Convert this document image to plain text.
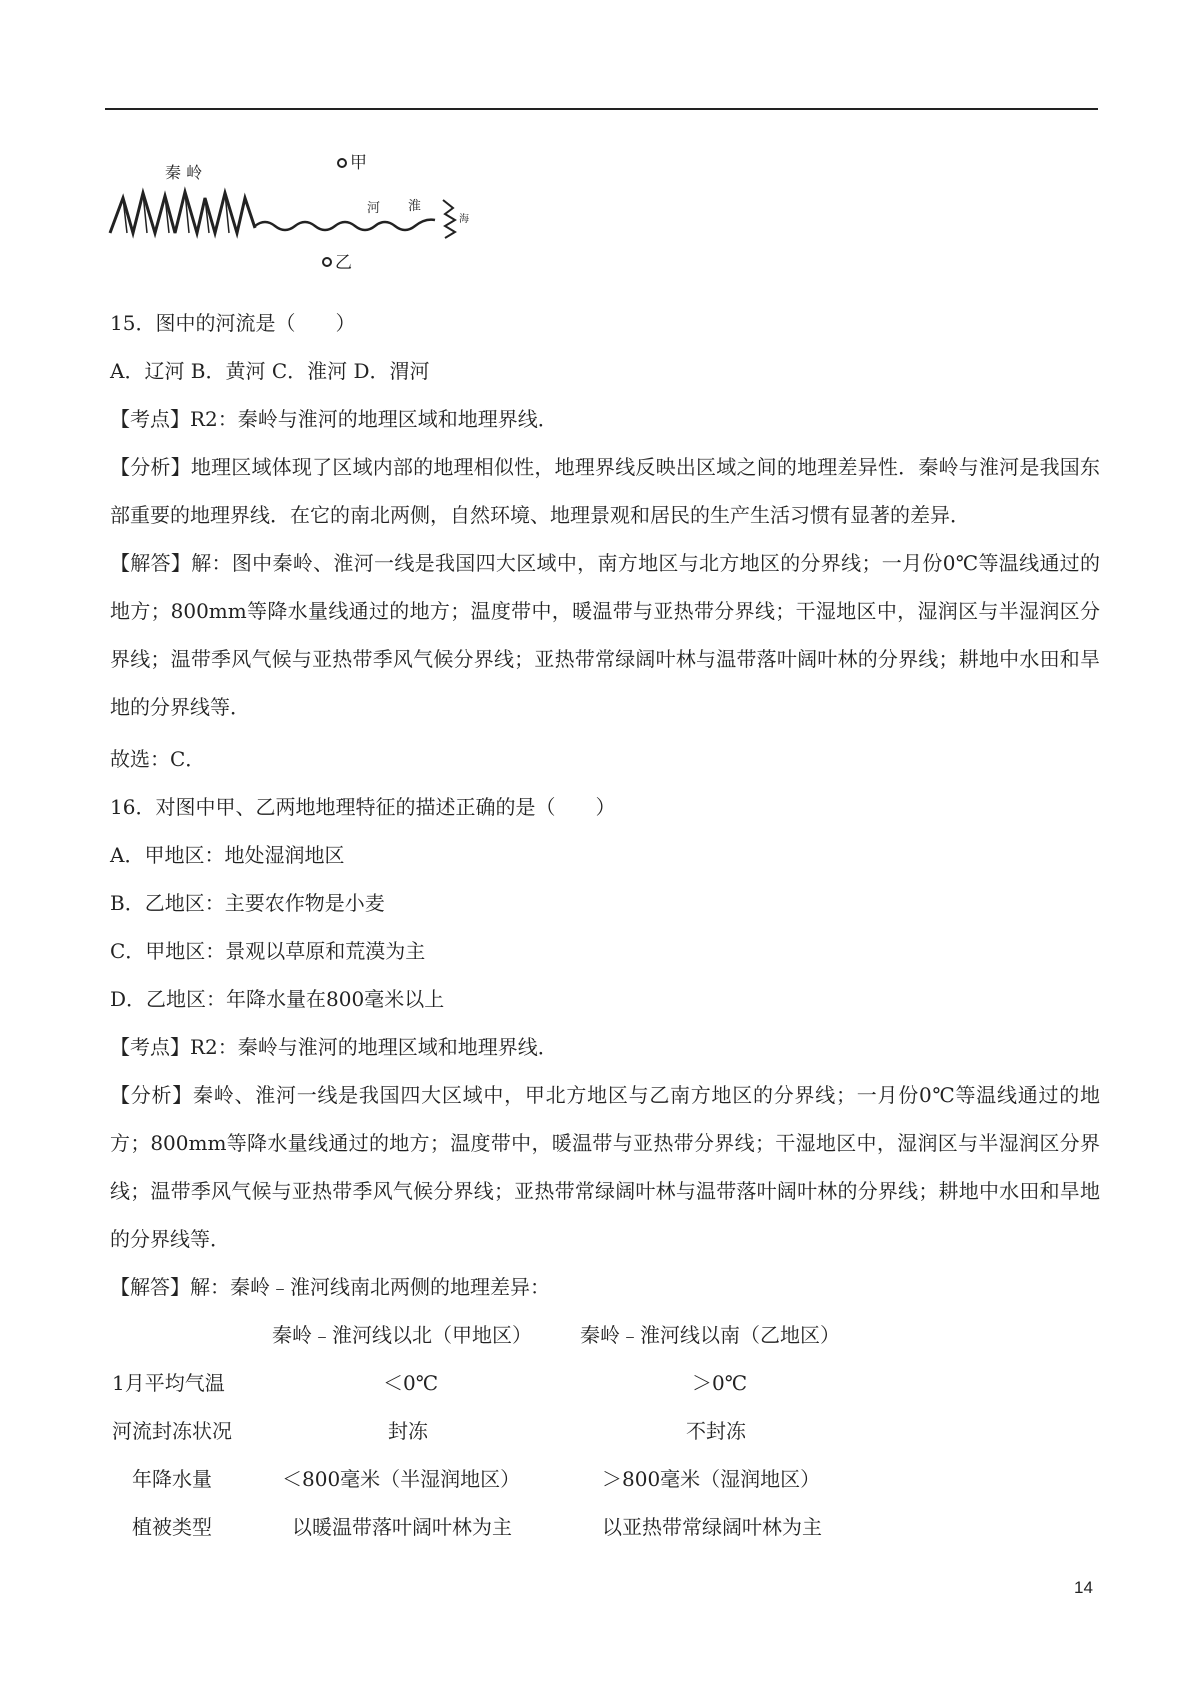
秦 岭	甲
乙
河 淮
海
15．图中的河流是（　　）
A．辽河 B．黄河 C．淮河 D．渭河
【考点】R2：秦岭与淮河的地理区域和地理界线．
【分析】地理区域体现了区域内部的地理相似性，地理界线反映出区域之间的地理差异性．秦岭与淮河是我国东部重要的地理界线．在它的南北两侧，自然环境、地理景观和居民的生产生活习惯有显著的差异．
【解答】解：图中秦岭、淮河一线是我国四大区域中，南方地区与北方地区的分界线；一月份0℃等温线通过的地方；800mm等降水量线通过的地方；温度带中，暖温带与亚热带分界线；干湿地区中，湿润区与半湿润区分界线；温带季风气候与亚热带季风气候分界线；亚热带常绿阔叶林与温带落叶阔叶林的分界线；耕地中水田和旱地的分界线等．
故选：C．
16．对图中甲、乙两地地理特征的描述正确的是（　　）
A．甲地区：地处湿润地区
B．乙地区：主要农作物是小麦
C．甲地区：景观以草原和荒漠为主
D．乙地区：年降水量在800毫米以上
【考点】R2：秦岭与淮河的地理区域和地理界线．
【分析】秦岭、淮河一线是我国四大区域中，甲北方地区与乙南方地区的分界线；一月份0℃等温线通过的地方；800mm等降水量线通过的地方；温度带中，暖温带与亚热带分界线；干湿地区中，湿润区与半湿润区分界线；温带季风气候与亚热带季风气候分界线；亚热带常绿阔叶林与温带落叶阔叶林的分界线；耕地中水田和旱地的分界线等．
【解答】解：秦岭﹣淮河线南北两侧的地理差异：
秦岭﹣淮河线以北（甲地区） 秦岭﹣淮河线以南（乙地区）
1月平均气温	＜0℃	＞0℃
河流封冻状况	封冻	不封冻
年降水量	＜800毫米（半湿润地区）	＞800毫米（湿润地区）
植被类型	以暖温带落叶阔叶林为主	以亚热带常绿阔叶林为主
14
